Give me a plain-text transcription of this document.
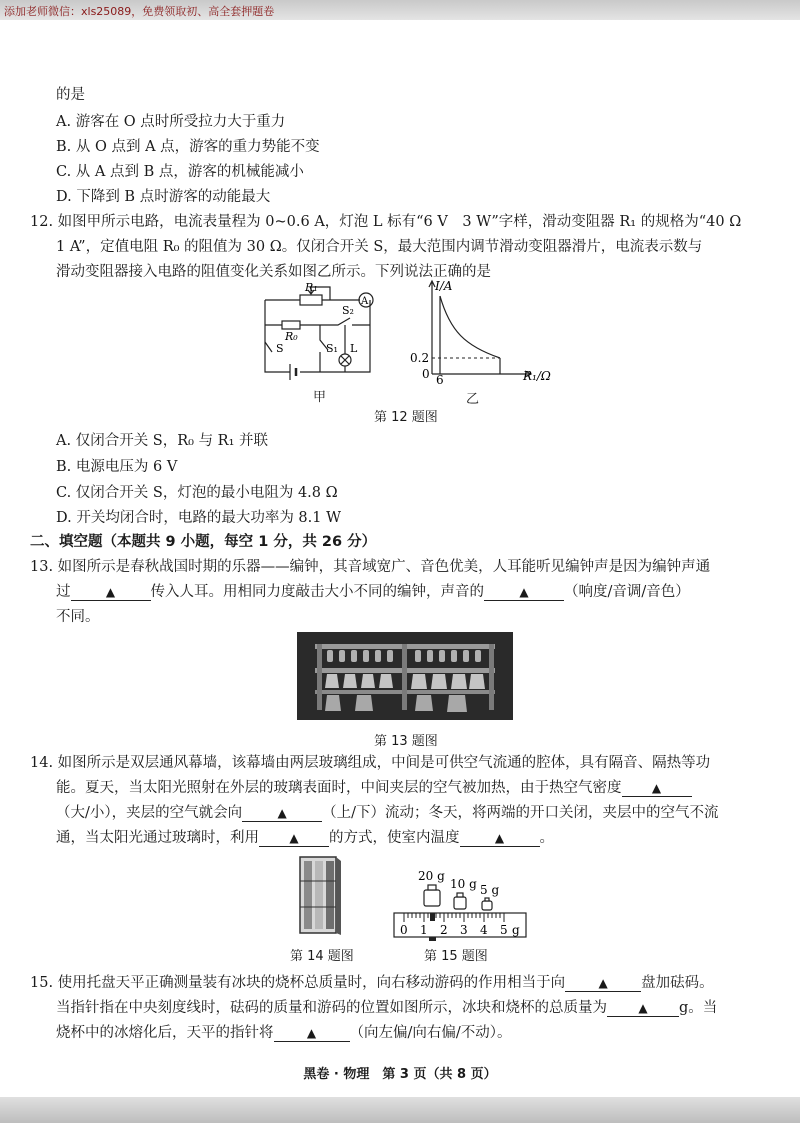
添加老师微信：xls25089，免费领取初、高全套押题卷
的是
A. 游客在 O 点时所受拉力大于重力
B. 从 O 点到 A 点，游客的重力势能不变
C. 从 A 点到 B 点，游客的机械能减小
D. 下降到 B 点时游客的动能最大
12. 如图甲所示电路，电流表量程为 0~0.6 A，灯泡 L 标有“6 V　3 W”字样，滑动变阻器 R₁ 的规格为“40 Ω
1 A”，定值电阻 R₀ 的阻值为 30 Ω。仅闭合开关 S，最大范围内调节滑动变阻器滑片，电流表示数与
滑动变阻器接入电路的阻值变化关系如图乙所示。下列说法正确的是
R₁
A
R₀
S₂
S	S₁ L
甲
I/A
0.2
0 6	R₁/Ω
乙
第 12 题图
A. 仅闭合开关 S，R₀ 与 R₁ 并联
B. 电源电压为 6 V
C. 仅闭合开关 S，灯泡的最小电阻为 4.8 Ω
D. 开关均闭合时，电路的最大功率为 8.1 W
二、填空题（本题共 9 小题，每空 1 分，共 26 分）
13. 如图所示是春秋战国时期的乐器——编钟，其音域宽广、音色优美，人耳能听见编钟声是因为编钟声通
过	▲ 传入人耳。用相同力度敲击大小不同的编钟，声音的	▲ （响度/音调/音色）
不同。
第 13 题图
14. 如图所示是双层通风幕墙，该幕墙由两层玻璃组成，中间是可供空气流通的腔体，具有隔音、隔热等功
能。夏天，当太阳光照射在外层的玻璃表面时，中间夹层的空气被加热，由于热空气密度	▲
（大/小），夹层的空气就会向	▲ （上/下）流动；冬天，将两端的开口关闭，夹层中的空气不流
通，当太阳光通过玻璃时，利用	▲ 的方式，使室内温度	▲ 。
第 14 题图
20 g
10 g 5 g
0 1 2 3 4 5 g
第 15 题图
15. 使用托盘天平正确测量装有冰块的烧杯总质量时，向右移动游码的作用相当于向	▲ 盘加砝码。
当指针指在中央刻度线时，砝码的质量和游码的位置如图所示，冰块和烧杯的总质量为	▲ g。当
烧杯中的冰熔化后，天平的指针将	▲ （向左偏/向右偏/不动）。
黑卷 · 物理　第 3 页（共 8 页）
